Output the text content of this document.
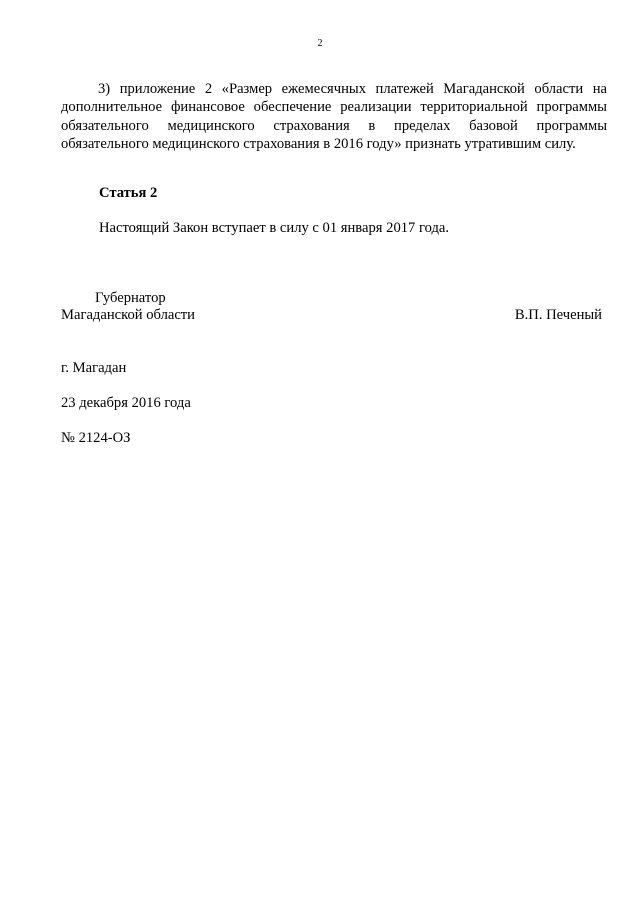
2

3) приложение 2 «Размер ежемесячных платежей Магаданской области на дополнительное финансовое обеспечение реализации территориальной программы обязательного медицинского страхования в пределах базовой программы обязательного медицинского страхования в 2016 году» признать утратившим силу.

Статья 2

Настоящий Закон вступает в силу с 01 января 2017 года.

Губернатор

Магаданской области	В.П. Печеный

г. Магадан

23 декабря 2016 года

№ 2124-ОЗ
